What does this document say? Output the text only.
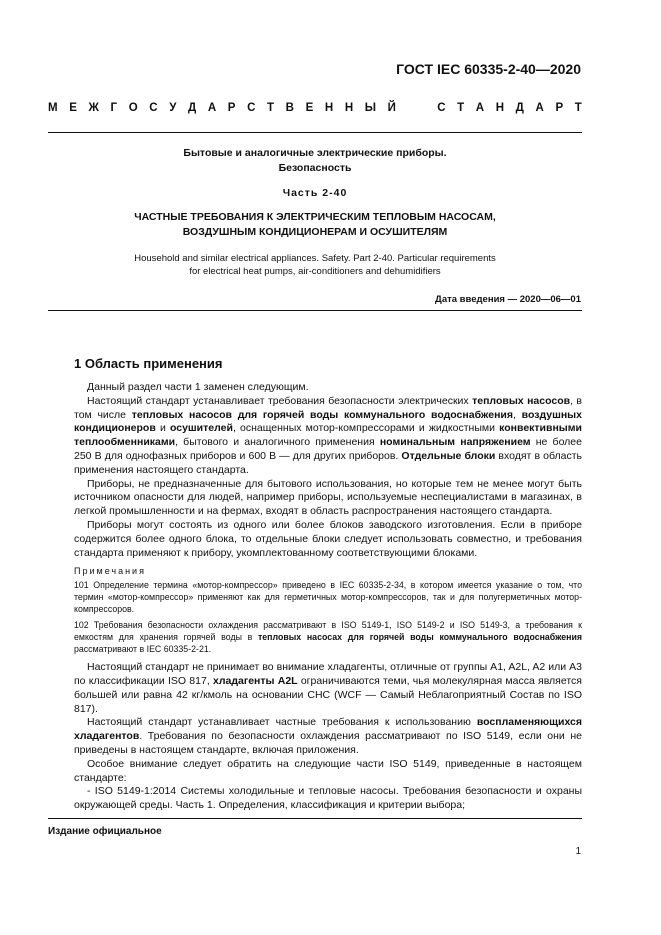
ГОСТ IEC 60335-2-40—2020
М Е Ж Г О С У Д А Р С Т В Е Н Н Ы Й

	С Т А Н Д А Р Т
Бытовые и аналогичные электрические приборы.
Безопасность
Часть 2-40
ЧАСТНЫЕ ТРЕБОВАНИЯ К ЭЛЕКТРИЧЕСКИМ ТЕПЛОВЫМ НАСОСАМ,
ВОЗДУШНЫМ КОНДИЦИОНЕРАМ И ОСУШИТЕЛЯМ
Household and similar electrical appliances. Safety. Part 2-40. Particular requirements
for electrical heat pumps, air-conditioners and dehumidifiers
Дата введения — 2020—06—01
1 Область применения

Данный раздел части 1 заменен следующим.

Настоящий стандарт устанавливает требования безопасности электрических тепловых насосов, в том числе тепловых насосов для горячей воды коммунального водоснабжения, воздушных кондиционеров и осушителей, оснащенных мотор-компрессорами и жидкостными конвективными теплообменниками, бытового и аналогичного применения номинальным напряжением не более 250 В для однофазных приборов и 600 В — для других приборов. Отдельные блоки входят в область применения настоящего стандарта.

Приборы, не предназначенные для бытового использования, но которые тем не менее могут быть источником опасности для людей, например приборы, используемые неспециалистами в магазинах, в легкой промышленности и на фермах, входят в область распространения настоящего стандарта.

Приборы могут состоять из одного или более блоков заводского изготовления. Если в приборе содержится более одного блока, то отдельные блоки следует использовать совместно, и требования стандарта применяют к прибору, укомплектованному соответствующими блоками.

Примечания

101 Определение термина «мотор-компрессор» приведено в IEC 60335-2-34, в котором имеется указание о том, что термин «мотор-компрессор» применяют как для герметичных мотор-компрессоров, так и для полугерметичных мотор-компрессоров.

102 Требования безопасности охлаждения рассматривают в ISO 5149-1, ISO 5149-2 и ISO 5149-3, а требования к емкостям для хранения горячей воды в тепловых насосах для горячей воды коммунального водоснабжения рассматривают в IEC 60335-2-21.

Настоящий стандарт не принимает во внимание хладагенты, отличные от группы A1, A2L, A2 или A3 по классификации ISO 817, хладагенты A2L ограничиваются теми, чья молекулярная масса является большей или равна 42 кг/кмоль на основании CHC (WCF — Самый Неблагоприятный Состав по ISO 817).

Настоящий стандарт устанавливает частные требования к использованию воспламеняющихся хладагентов. Требования по безопасности охлаждения рассматривают по ISO 5149, если они не приведены в настоящем стандарте, включая приложения.

Особое внимание следует обратить на следующие части ISO 5149, приведенные в настоящем стандарте:

- ISO 5149-1:2014 Системы холодильные и тепловые насосы. Требования безопасности и охраны окружающей среды. Часть 1. Определения, классификация и критерии выбора;

Издание официальное
1
